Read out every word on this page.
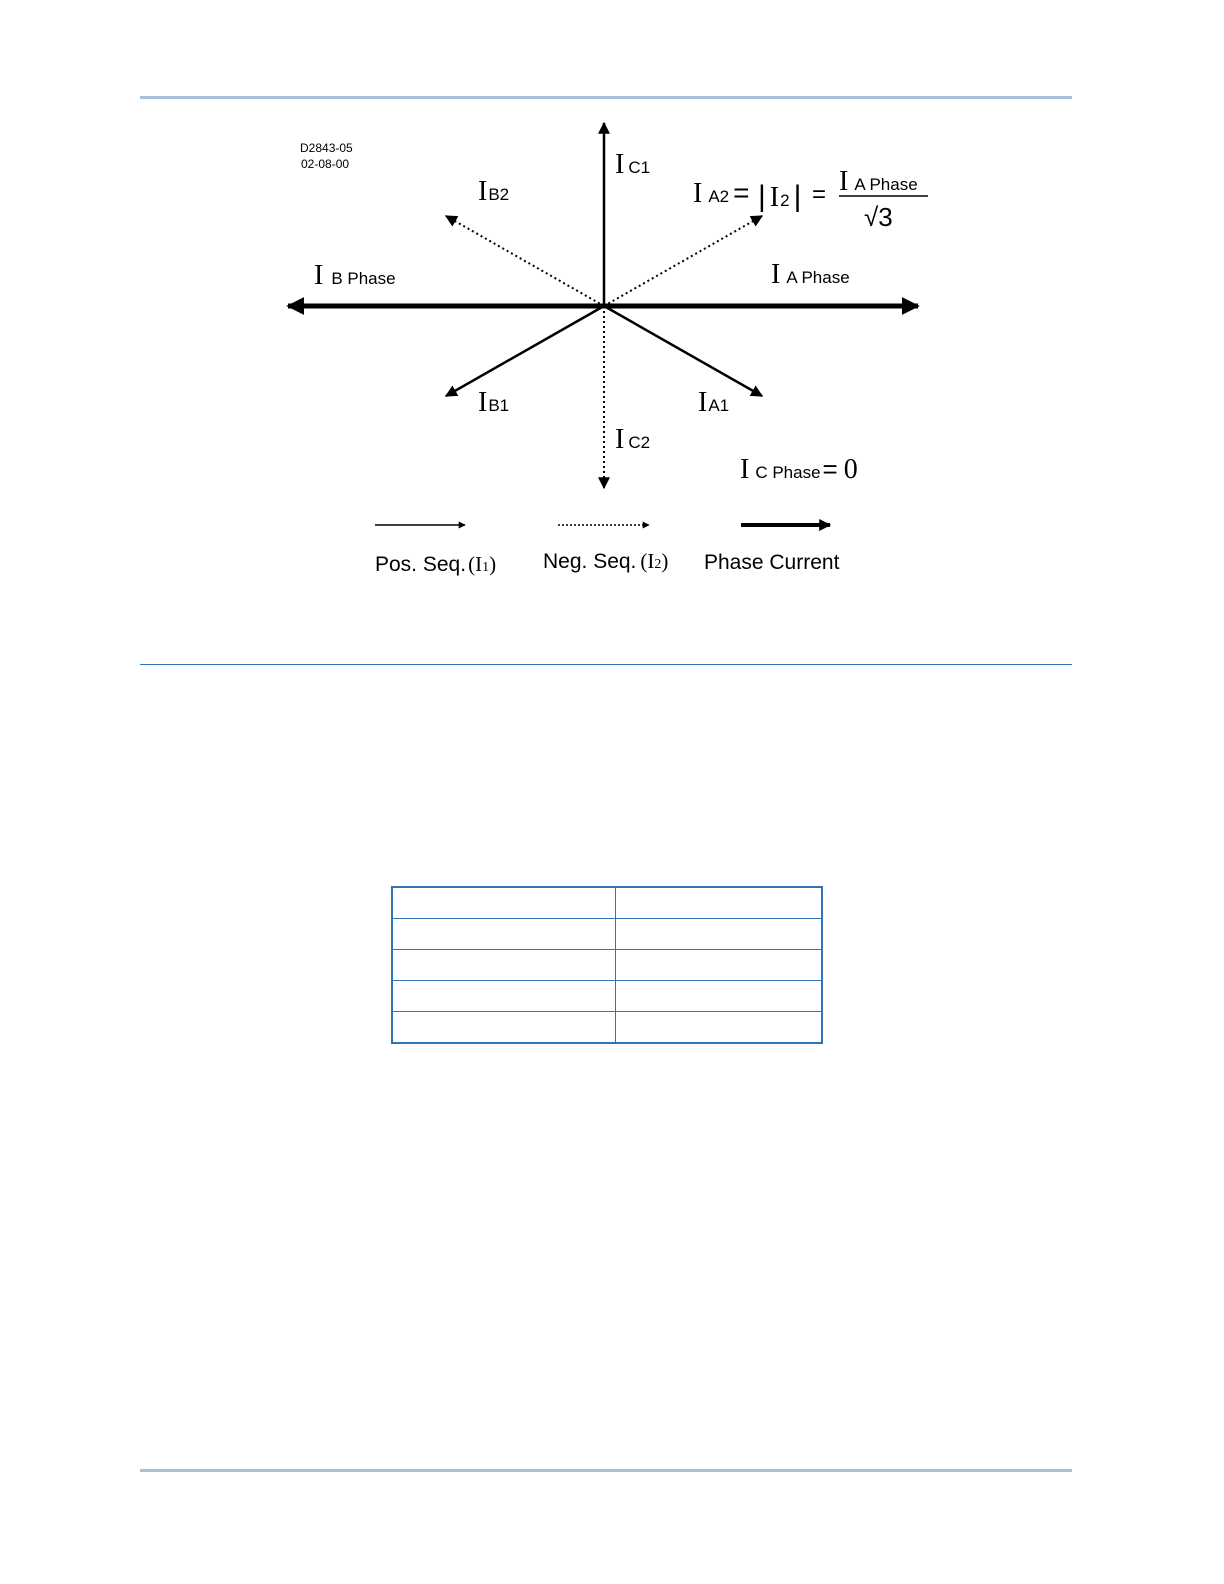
D2843-05
02-08-00	I C1
IB2	I A2 = | I2 | = I A Phase
√3
I B Phase	I A Phase
IB1	IA1
I C2
I C Phase= 0
Pos. Seq.(I1) Neg. Seq. (I2) Phase Current
